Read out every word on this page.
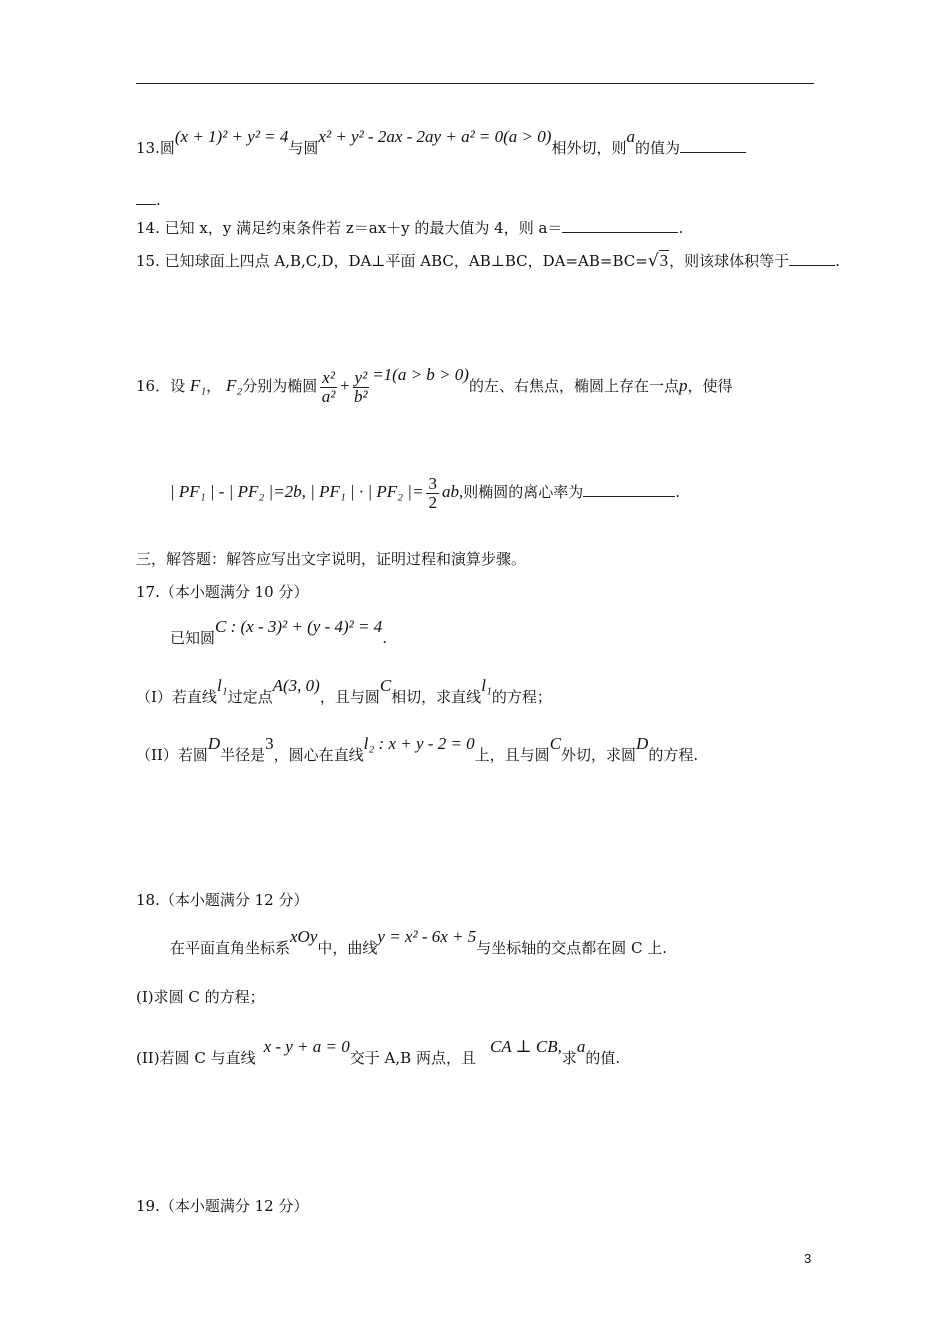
13.圆(x + 1)² + y² = 4与圆x² + y² - 2ax - 2ay + a² = 0(a > 0)相外切，则a的值为
.
14. 已知 x，y 满足约束条件若 z＝ax＋y 的最大值为 4，则 a＝	.
15. 已知球面上四点 A,B,C,D，DA⊥平面 ABC，AB⊥BC，DA=AB=BC=√3，则该球体积等于	.
16．设 F₁， F₂分别为椭圆 $\frac{\text{x²}}{\text{a²}} + \frac{\text{y²}}{\text{b²}} =1(a > b > 0)$的左、右焦点，椭圆上存在一点p，使得
| PF₁ | - | PF₂ |=2b, | PF₁ | · | PF₂ |= $\frac{3}{2}$ ab,则椭圆的离心率为	.
三，解答题：解答应写出文字说明，证明过程和演算步骤。
17.（本小题满分 10 分）
已知圆C : (x - 3)² + (y - 4)² = 4.
（I）若直线l₁过定点A(3, 0)，且与圆C相切，求直线l₁的方程；
（II）若圆D半径是3，圆心在直线l₂ : x + y - 2 = 0上，且与圆C外切，求圆D的方程.
18.（本小题满分 12 分）
在平面直角坐标系xOy中，曲线y = x² - 6x + 5与坐标轴的交点都在圆 C 上.
(I)求圆 C 的方程；
(II)若圆 C 与直线x - y + a = 0交于 A,B 两点，且CA ⊥ CB,求a的值.
19.（本小题满分 12 分）
3
